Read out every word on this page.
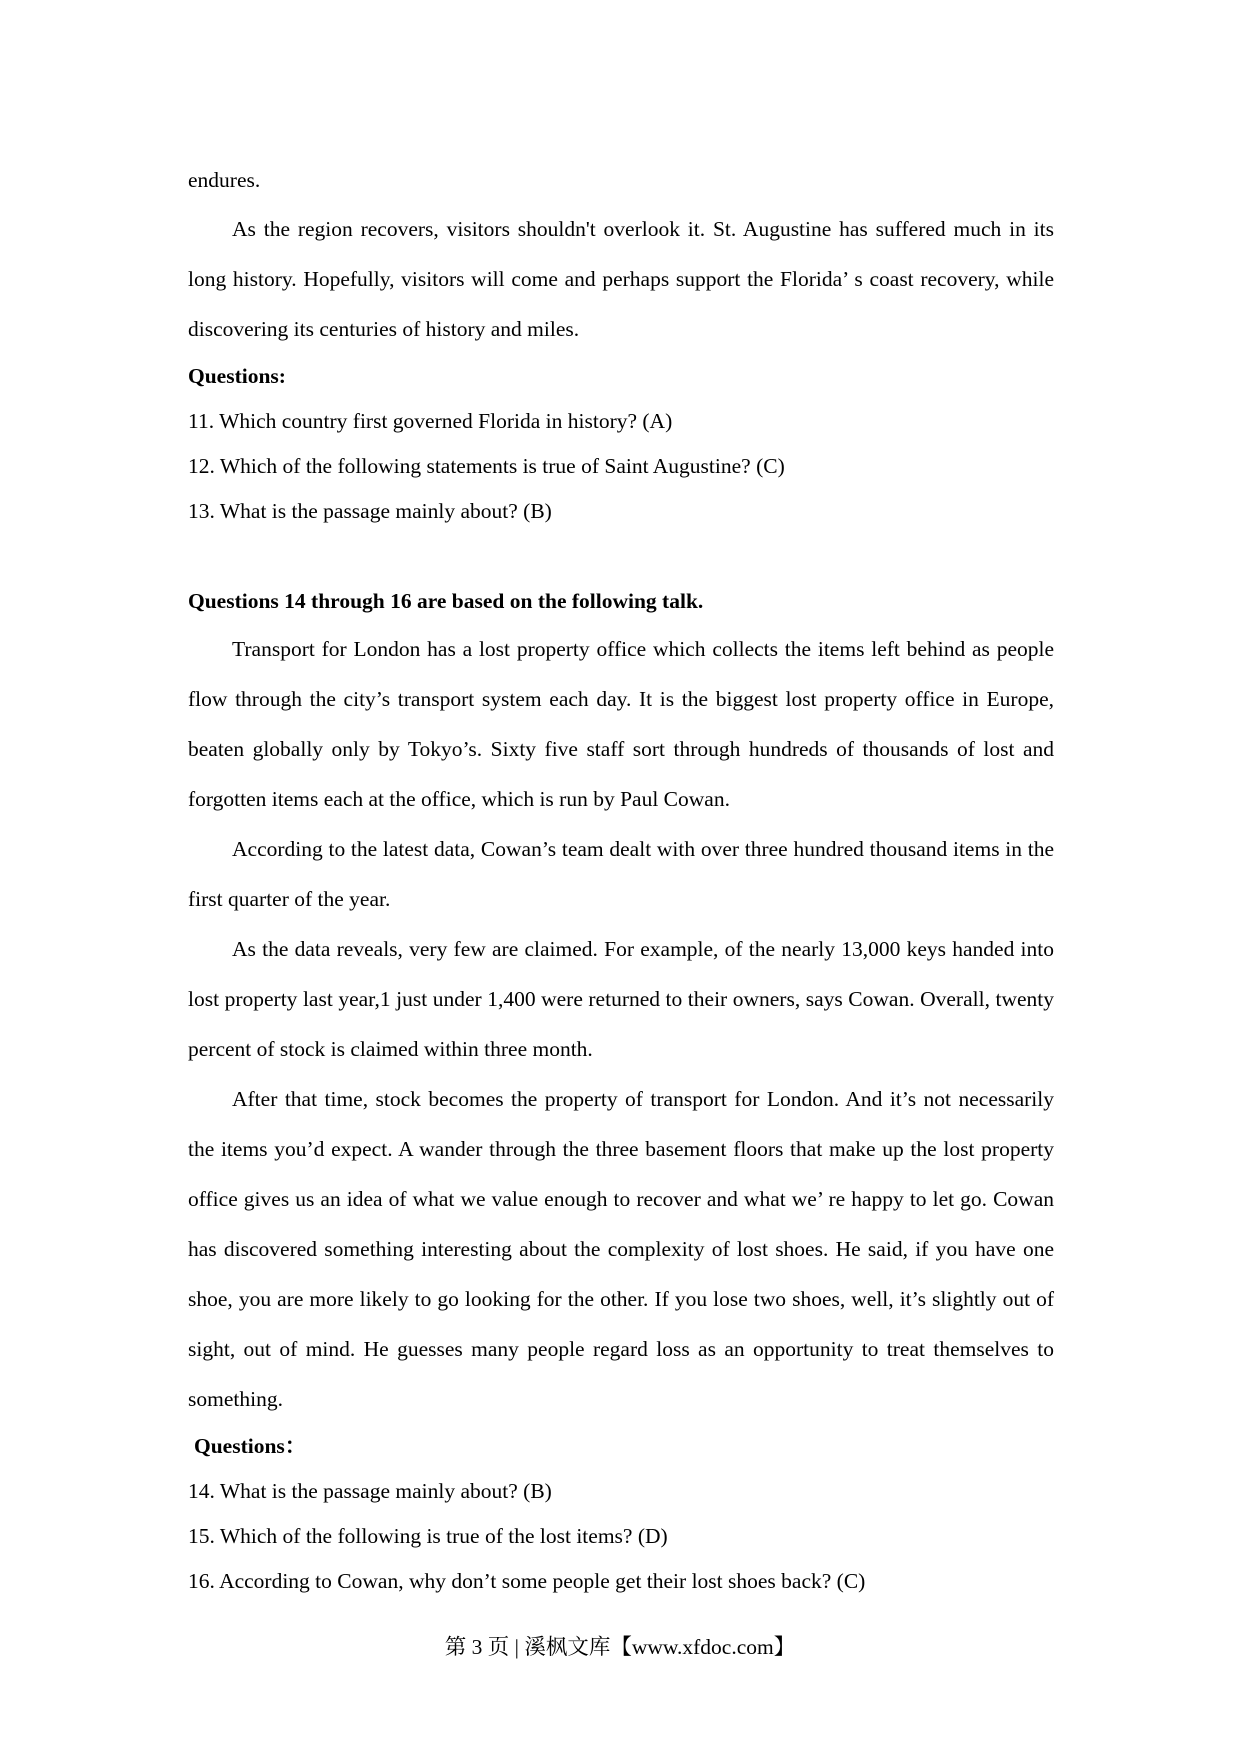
endures.

As the region recovers, visitors shouldn't overlook it. St. Augustine has suffered much in its long history. Hopefully, visitors will come and perhaps support the Florida’ s coast recovery, while discovering its centuries of history and miles.

Questions:

11. Which country first governed Florida in history? (A)

12. Which of the following statements is true of Saint Augustine? (C)

13. What is the passage mainly about? (B)

Questions 14 through 16 are based on the following talk.

Transport for London has a lost property office which collects the items left behind as people flow through the city’s transport system each day. It is the biggest lost property office in Europe, beaten globally only by Tokyo’s. Sixty five staff sort through hundreds of thousands of lost and forgotten items each at the office, which is run by Paul Cowan.

According to the latest data, Cowan’s team dealt with over three hundred thousand items in the first quarter of the year.

As the data reveals, very few are claimed. For example, of the nearly 13,000 keys handed into lost property last year,1 just under 1,400 were returned to their owners, says Cowan. Overall, twenty percent of stock is claimed within three month.

After that time, stock becomes the property of transport for London. And it’s not necessarily the items you’d expect. A wander through the three basement floors that make up the lost property office gives us an idea of what we value enough to recover and what we’ re happy to let go. Cowan has discovered something interesting about the complexity of lost shoes. He said, if you have one shoe, you are more likely to go looking for the other. If you lose two shoes, well, it’s slightly out of sight, out of mind. He guesses many people regard loss as an opportunity to treat themselves to something.

Questions：

14. What is the passage mainly about? (B)

15. Which of the following is true of the lost items? (D)

16. According to Cowan, why don’t some people get their lost shoes back? (C)

第 3 页 | 溪枫文库【www.xfdoc.com】
